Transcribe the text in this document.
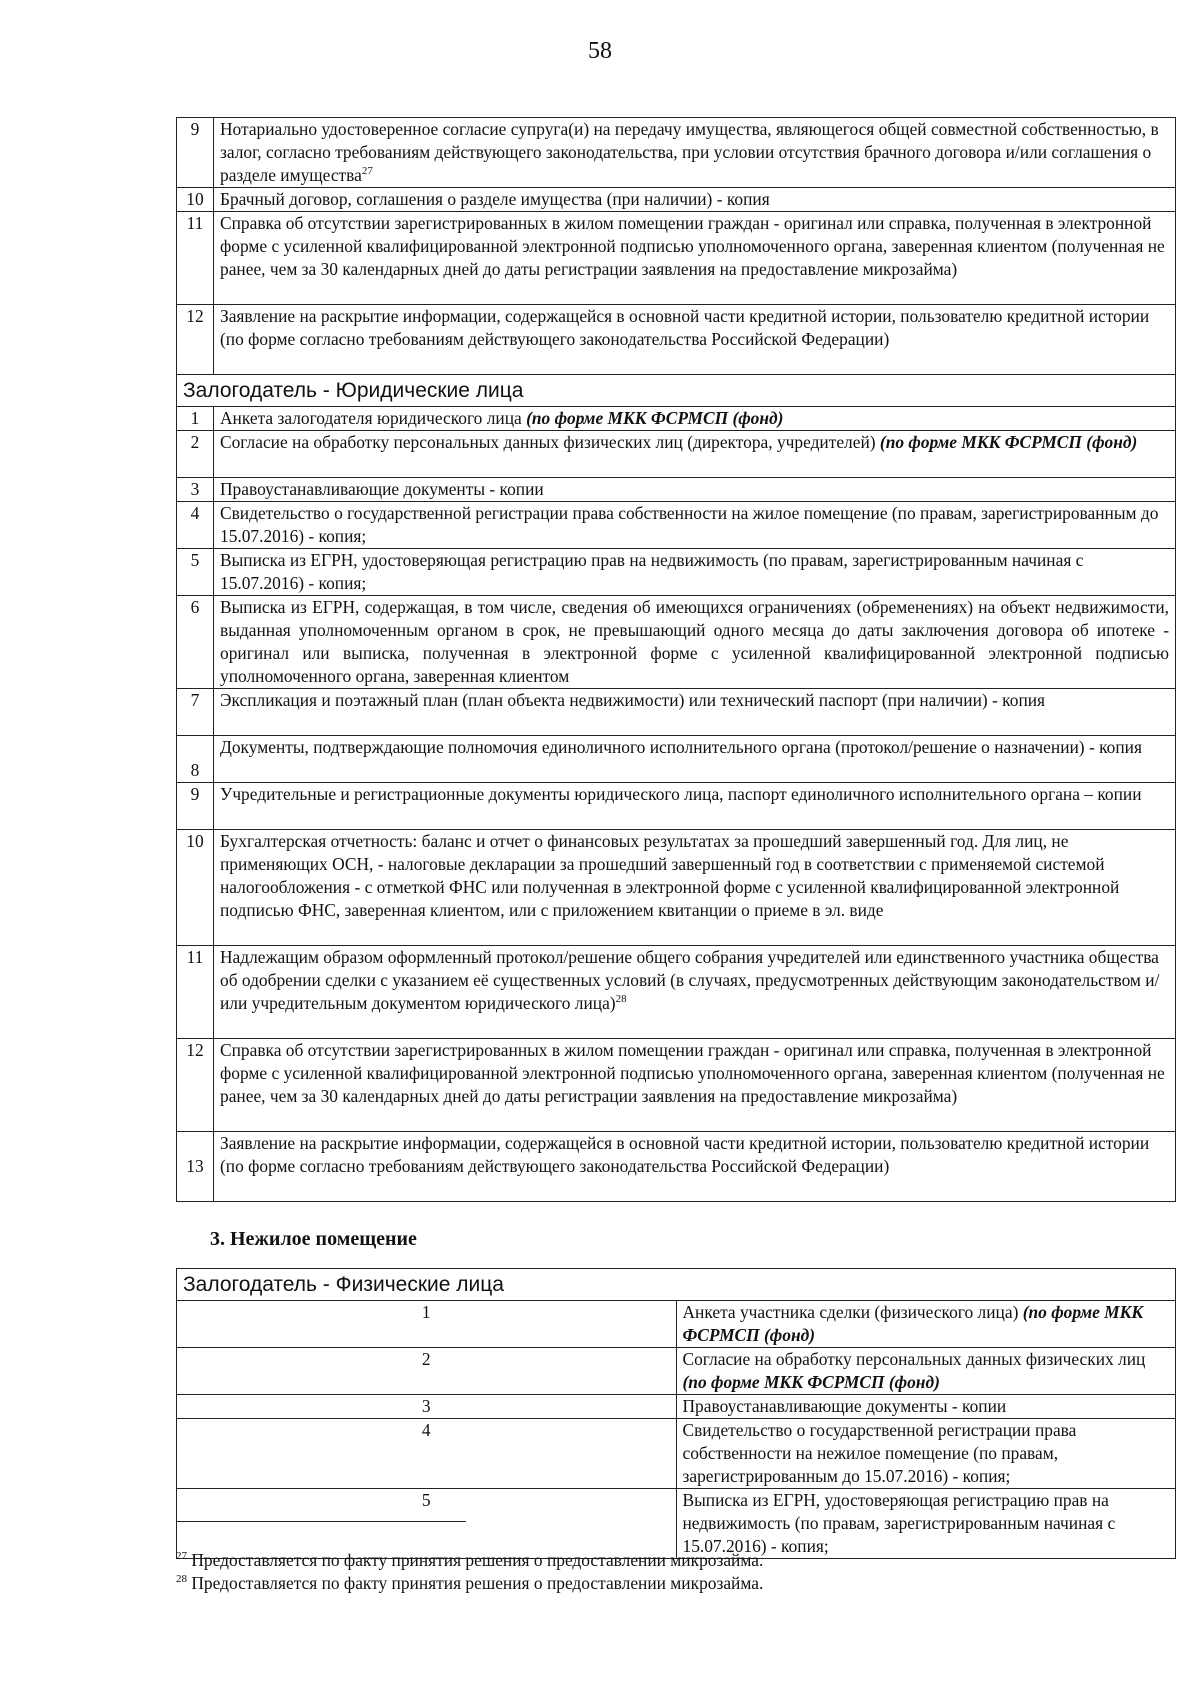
58
9	Нотариально удостоверенное согласие супруга(и) на передачу имущества, являющегося общей совместной собственностью, в залог, согласно требованиям действующего законодательства, при условии отсутствия брачного договора и/или соглашения о разделе имущества$^{27}$
10	Брачный договор, соглашения о разделе имущества (при наличии) - копия
11	Справка об отсутствии зарегистрированных в жилом помещении граждан - оригинал или справка, полученная в электронной форме с усиленной квалифицированной электронной подписью уполномоченного органа, заверенная клиентом (полученная не ранее, чем за 30 календарных дней до даты регистрации заявления на предоставление микрозайма)
12	Заявление на раскрытие информации, содержащейся в основной части кредитной истории, пользователю кредитной истории (по форме согласно требованиям действующего законодательства Российской Федерации)
Залогодатель - Юридические лица	
1	Анкета залогодателя юридического лица (по форме МКК ФСРМСП (фонд)
2	Согласие на обработку персональных данных физических лиц (директора, учредителей) (по форме МКК ФСРМСП (фонд)
3	Правоустанавливающие документы - копии
4	Свидетельство о государственной регистрации права собственности на жилое помещение (по правам, зарегистрированным до 15.07.2016) - копия;
5	Выписка из ЕГРН, удостоверяющая регистрацию прав на недвижимость (по правам, зарегистрированным начиная с 15.07.2016) - копия;
6	Выписка из ЕГРН, содержащая, в том числе, сведения об имеющихся ограничениях (обременениях) на объект недвижимости, выданная уполномоченным органом в срок, не превышающий одного месяца до даты заключения договора об ипотеке - оригинал или выписка, полученная в электронной форме с усиленной квалифицированной электронной подписью уполномоченного органа, заверенная клиентом
7	Экспликация и поэтажный план (план объекта недвижимости) или технический паспорт (при наличии) - копия
8	Документы, подтверждающие полномочия единоличного исполнительного органа (протокол/решение о назначении) - копия
9	Учредительные и регистрационные документы юридического лица, паспорт единоличного исполнительного органа – копии
10	Бухгалтерская отчетность: баланс и отчет о финансовых результатах за прошедший завершенный год. Для лиц, не применяющих ОСН, - налоговые декларации за прошедший завершенный год в соответствии с применяемой системой налогообложения - с отметкой ФНС или полученная в электронной форме с усиленной квалифицированной электронной подписью ФНС, заверенная клиентом, или с приложением квитанции о приеме в эл. виде
11	Надлежащим образом оформленный протокол/решение общего собрания учредителей или единственного участника общества об одобрении сделки с указанием её существенных условий (в случаях, предусмотренных действующим законодательством и/или учредительным документом юридического лица)$^{28}$
12	Справка об отсутствии зарегистрированных в жилом помещении граждан - оригинал или справка, полученная в электронной форме с усиленной квалифицированной электронной подписью уполномоченного органа, заверенная клиентом (полученная не ранее, чем за 30 календарных дней до даты регистрации заявления на предоставление микрозайма)
13	Заявление на раскрытие информации, содержащейся в основной части кредитной истории, пользователю кредитной истории (по форме согласно требованиям действующего законодательства Российской Федерации)
3. Нежилое помещение
Залогодатель - Физические лица	
1	Анкета участника сделки (физического лица) (по форме МКК ФСРМСП (фонд)
2	Согласие на обработку персональных данных физических лиц (по форме МКК ФСРМСП (фонд)
3	Правоустанавливающие документы - копии
4	Свидетельство о государственной регистрации права собственности на нежилое помещение (по правам, зарегистрированным до 15.07.2016) - копия;
5	Выписка из ЕГРН, удостоверяющая регистрацию прав на недвижимость (по правам, зарегистрированным начиная с 15.07.2016) - копия;
$^{27}$ Предоставляется по факту принятия решения о предоставлении микрозайма.
$^{28}$ Предоставляется по факту принятия решения о предоставлении микрозайма.
